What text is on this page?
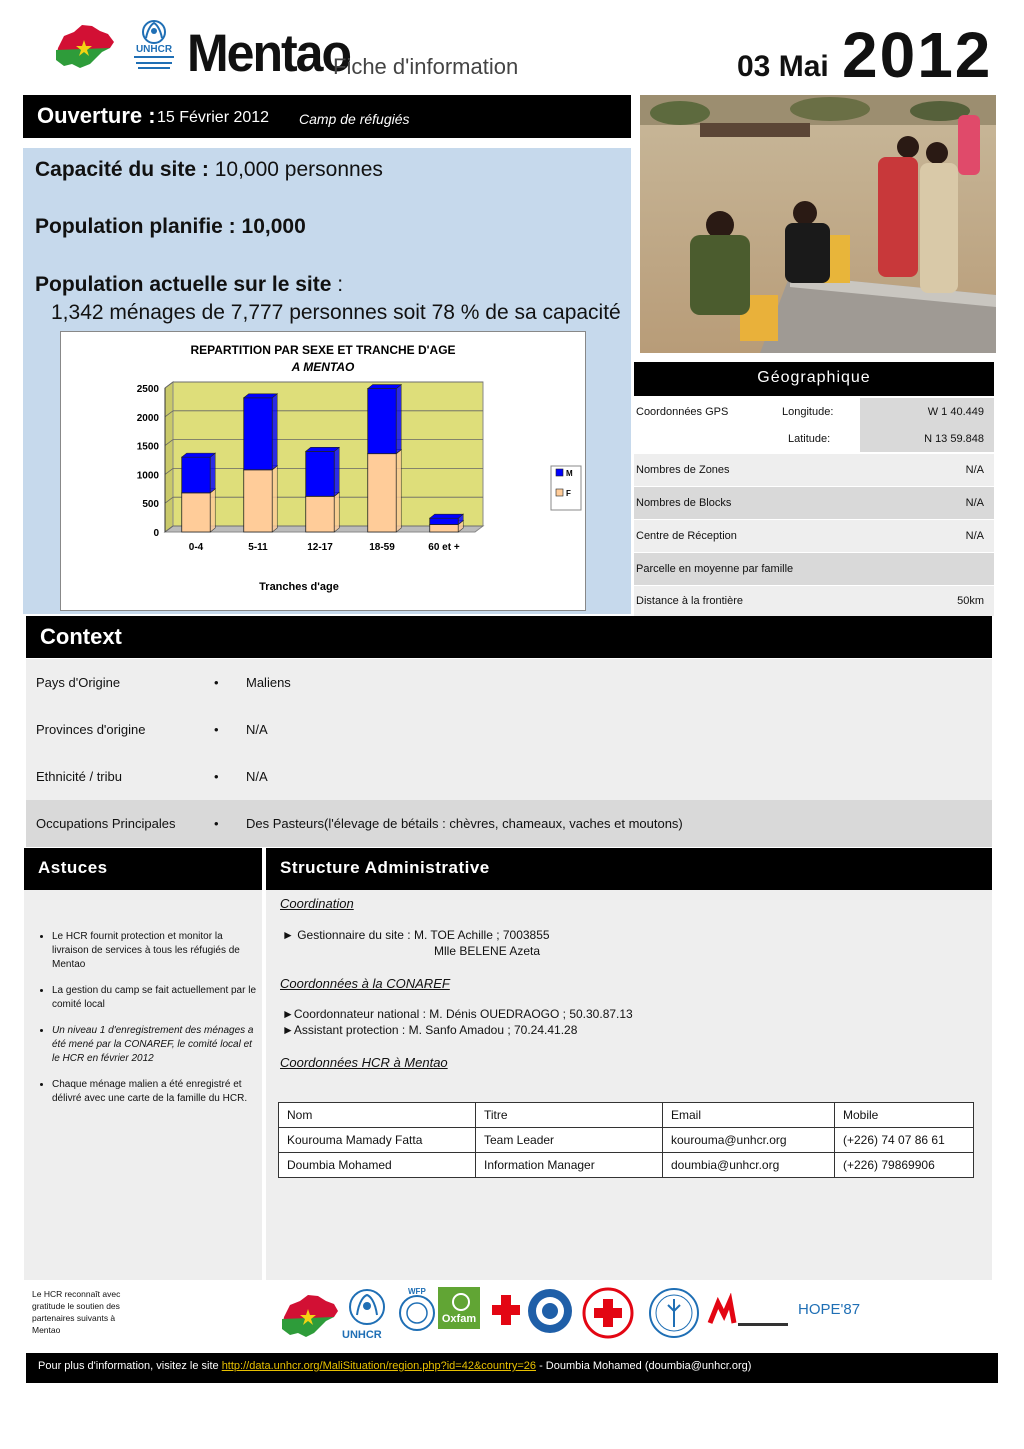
UNHCR Mentao
Fiche d'information	03 Mai 2012
Ouverture : 15 Février 2012 Camp de réfugiés
Capacité du site : 10,000 personnes
Population planifie : 10,000
Population actuelle sur le site :
1,342 ménages de 7,777 personnes soit 78 % de sa capacité
REPARTITION PAR SEXE ET TRANCHE D'AGE
A MENTAO
0
500
1000
1500
2000
2500
0-4	5-11	12-17	18-59	60 et +
Tranches d'age
M
F
Géographique
Coordonnées GPS	Longitude:	W 1 40.449
Latitude:	N 13 59.848
Nombres de Zones	N/A
Nombres de Blocks	N/A
Centre de Réception	N/A
Parcelle en moyenne par famille
Distance à la frontière	50km
Context
Pays d'Origine	• Maliens
Provinces d'origine	• N/A
Ethnicité / tribu	• N/A
Occupations Principales	• Des Pasteurs(l'élevage de bétails : chèvres, chameaux, vaches et moutons)
Astuces
• Le HCR fournit protection et monitor la livraison de services à tous les réfugiés de Mentao
• La gestion du camp se fait actuellement par le comité local
• Un niveau 1 d'enregistrement des ménages a été mené par la CONAREF, le comité local et le HCR en février 2012
• Chaque ménage malien a été enregistré et délivré avec une carte de la famille du HCR.
Structure Administrative
Coordination
► Gestionnaire du site : M. TOE Achille ; 7003855
Mlle BELENE Azeta
Coordonnées à la CONAREF
►Coordonnateur national : M. Dénis OUEDRAOGO ; 50.30.87.13
►Assistant protection : M. Sanfo Amadou ; 70.24.41.28
Coordonnées HCR à Mentao
Nom	Titre	Email	Mobile
Kourouma Mamady Fatta	Team Leader	kourouma@unhcr.org	(+226) 74 07 86 61
Doumbia Mohamed	Information Manager	doumbia@unhcr.org	(+226) 79869906
Le HCR reconnaît avec gratitude le soutien des partenaires suivants à Mentao	UNHCR
WFP
Oxfam
HOPE'87
Pour plus d'information, visitez le site http://data.unhcr.org/MaliSituation/region.php?id=42&country=26 - Doumbia Mohamed (doumbia@unhcr.org)
